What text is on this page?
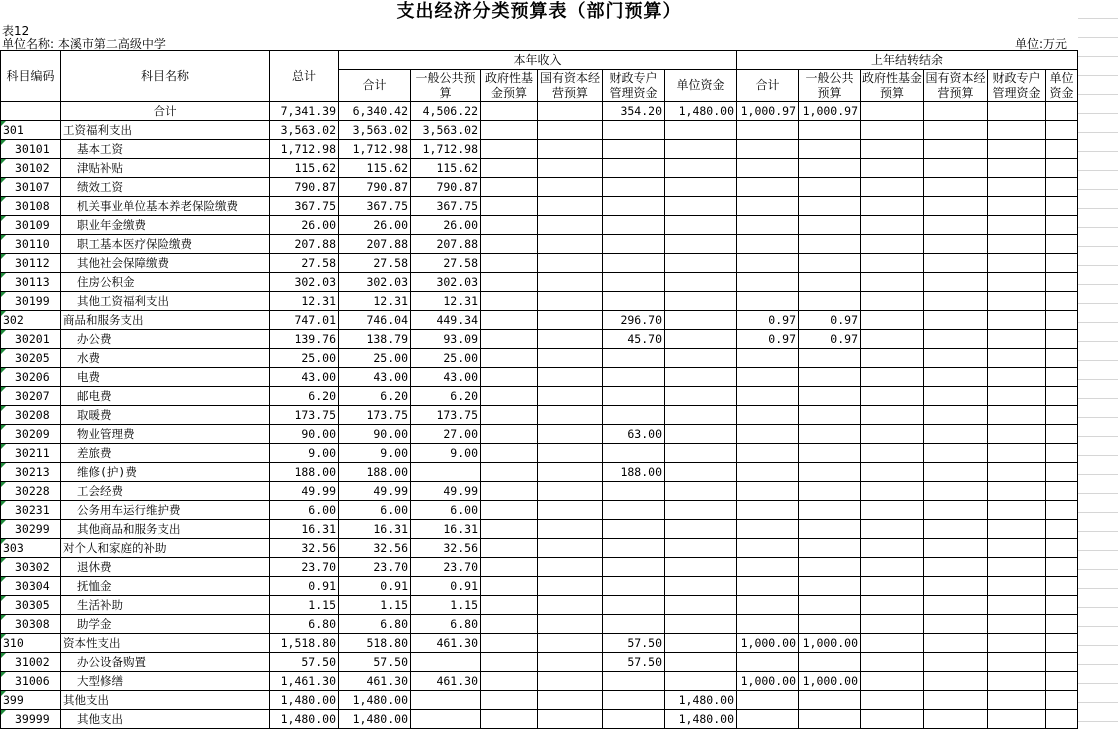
支出经济分类预算表（部门预算）
表12
单位名称: 本溪市第二高级中学	单位:万元
科目编码	科目名称	总计	本年收入						上年结转结余					
			合计	一般公共预算	政府性基金预算	国有资本经营预算	财政专户管理资金	单位资金	合计	一般公共预算	政府性基金预算	国有资本经营预算	财政专户管理资金	单位资金

	合计	7,341.39	6,340.42	4,506.22			354.20	1,480.00	1,000.97	1,000.97				
301	工资福利支出	3,563.02	3,563.02	3,563.02										
30101	基本工资	1,712.98	1,712.98	1,712.98										
30102	津贴补贴	115.62	115.62	115.62										
30107	绩效工资	790.87	790.87	790.87										
30108	机关事业单位基本养老保险缴费	367.75	367.75	367.75										
30109	职业年金缴费	26.00	26.00	26.00										
30110	职工基本医疗保险缴费	207.88	207.88	207.88										
30112	其他社会保障缴费	27.58	27.58	27.58										
30113	住房公积金	302.03	302.03	302.03										
30199	其他工资福利支出	12.31	12.31	12.31										
302	商品和服务支出	747.01	746.04	449.34			296.70		0.97	0.97				
30201	办公费	139.76	138.79	93.09			45.70		0.97	0.97				
30205	水费	25.00	25.00	25.00										
30206	电费	43.00	43.00	43.00										
30207	邮电费	6.20	6.20	6.20										
30208	取暖费	173.75	173.75	173.75										
30209	物业管理费	90.00	90.00	27.00			63.00							
30211	差旅费	9.00	9.00	9.00										
30213	维修(护)费	188.00	188.00				188.00							
30228	工会经费	49.99	49.99	49.99										
30231	公务用车运行维护费	6.00	6.00	6.00										
30299	其他商品和服务支出	16.31	16.31	16.31										
303	对个人和家庭的补助	32.56	32.56	32.56										
30302	退休费	23.70	23.70	23.70										
30304	抚恤金	0.91	0.91	0.91										
30305	生活补助	1.15	1.15	1.15										
30308	助学金	6.80	6.80	6.80										
310	资本性支出	1,518.80	518.80	461.30			57.50		1,000.00	1,000.00				
31002	办公设备购置	57.50	57.50				57.50							
31006	大型修缮	1,461.30	461.30	461.30					1,000.00	1,000.00				
399	其他支出	1,480.00	1,480.00					1,480.00						
39999	其他支出	1,480.00	1,480.00					1,480.00						
